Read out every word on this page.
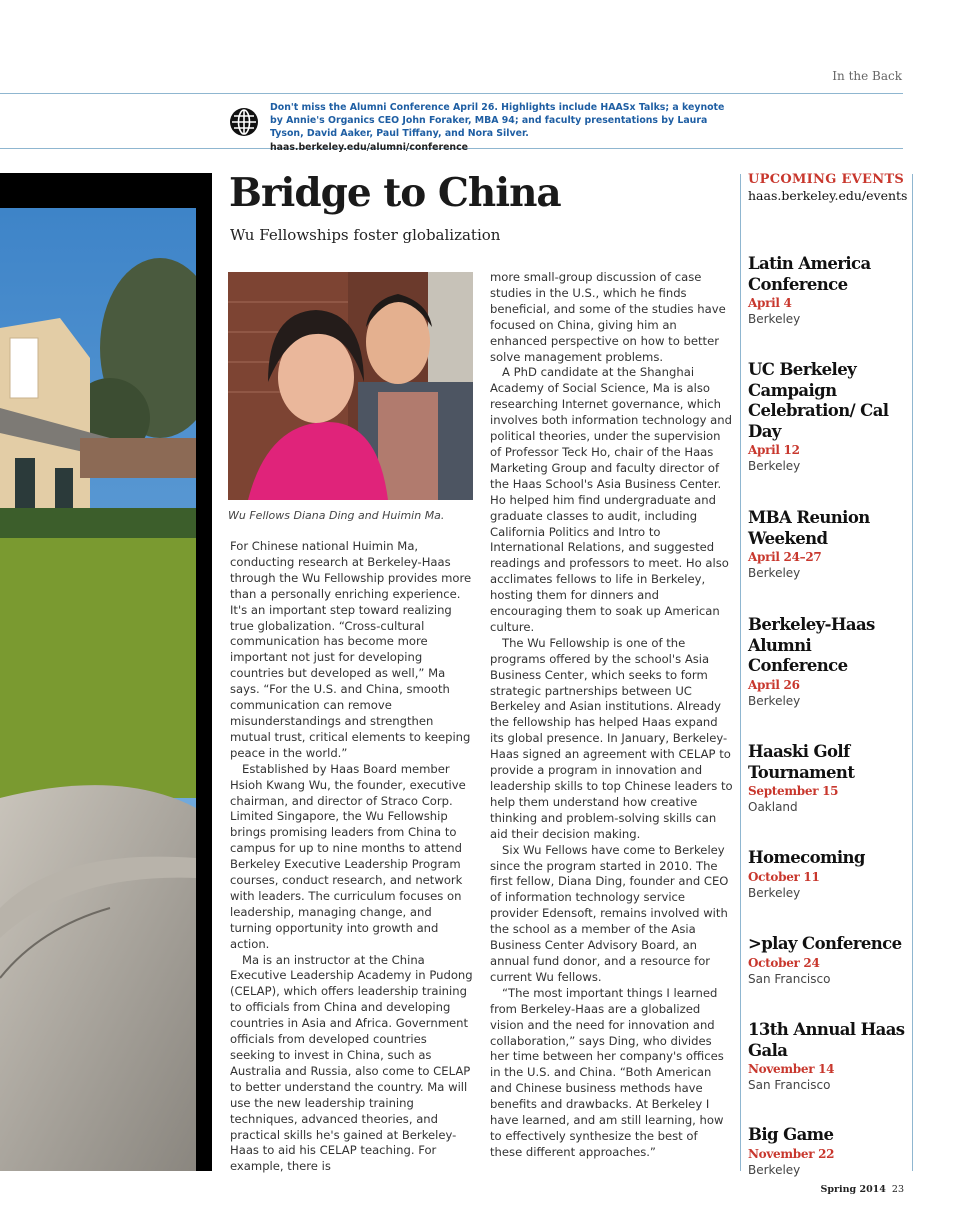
In the Back
Don't miss the Alumni Conference April 26. Highlights include HAASx Talks; a keynote by Annie's Organics CEO John Foraker, MBA 94; and faculty presentations by Laura Tyson, David Aaker, Paul Tiffany, and Nora Silver. haas.berkeley.edu/alumni/conference
Bridge to China
Wu Fellowships foster globalization
Wu Fellows Diana Ding and Huimin Ma.

For Chinese national Huimin Ma, conducting research at Berkeley-Haas through the Wu Fellowship provides more than a personally enriching experience. It's an important step toward realizing true globalization. “Cross-cultural communication has become more important not just for developing countries but developed as well,” Ma says. “For the U.S. and China, smooth communication can remove misunderstandings and strengthen mutual trust, critical elements to keeping peace in the world.”

Established by Haas Board member Hsioh Kwang Wu, the founder, executive chairman, and director of Straco Corp. Limited Singapore, the Wu Fellowship brings promising leaders from China to campus for up to nine months to attend Berkeley Executive Leadership Program courses, conduct research, and network with leaders. The curriculum focuses on leadership, managing change, and turning opportunity into growth and action.

Ma is an instructor at the China Executive Leadership Academy in Pudong (CELAP), which offers leadership training to officials from China and developing countries in Asia and Africa. Government officials from developed countries seeking to invest in China, such as Australia and Russia, also come to CELAP to better understand the country. Ma will use the new leadership training techniques, advanced theories, and practical skills he's gained at Berkeley-Haas to aid his CELAP teaching. For example, there is

more small-group discussion of case studies in the U.S., which he finds beneficial, and some of the studies have focused on China, giving him an enhanced perspective on how to better solve management problems.

A PhD candidate at the Shanghai Academy of Social Science, Ma is also researching Internet governance, which involves both information technology and political theories, under the supervision of Professor Teck Ho, chair of the Haas Marketing Group and faculty director of the Haas School's Asia Business Center. Ho helped him find undergraduate and graduate classes to audit, including California Politics and Intro to International Relations, and suggested readings and professors to meet. Ho also acclimates fellows to life in Berkeley, hosting them for dinners and encouraging them to soak up American culture.

The Wu Fellowship is one of the programs offered by the school's Asia Business Center, which seeks to form strategic partnerships between UC Berkeley and Asian institutions. Already the fellowship has helped Haas expand its global presence. In January, Berkeley-Haas signed an agreement with CELAP to provide a program in innovation and leadership skills to top Chinese leaders to help them understand how creative thinking and problem-solving skills can aid their decision making.

Six Wu Fellows have come to Berkeley since the program started in 2010. The first fellow, Diana Ding, founder and CEO of information technology service provider Edensoft, remains involved with the school as a member of the Asia Business Center Advisory Board, an annual fund donor, and a resource for current Wu fellows.

“The most important things I learned from Berkeley-Haas are a globalized vision and the need for innovation and collaboration,” says Ding, who divides her time between her company's offices in the U.S. and China. “Both American and Chinese business methods have benefits and drawbacks. At Berkeley I have learned, and am still learning, how to effectively synthesize the best of these different approaches.”

UPCOMING EVENTS
haas.berkeley.edu/events
Latin America Conference
April 4
Berkeley
UC Berkeley Campaign Celebration/ Cal Day
April 12
Berkeley
MBA Reunion Weekend
April 24–27
Berkeley
Berkeley-Haas Alumni Conference
April 26
Berkeley
Haaski Golf Tournament
September 15
Oakland
Homecoming
October 11
Berkeley
>play Conference
October 24
San Francisco
13th Annual Haas Gala
November 14
San Francisco
Big Game
November 22
Berkeley
Spring 2014 23
